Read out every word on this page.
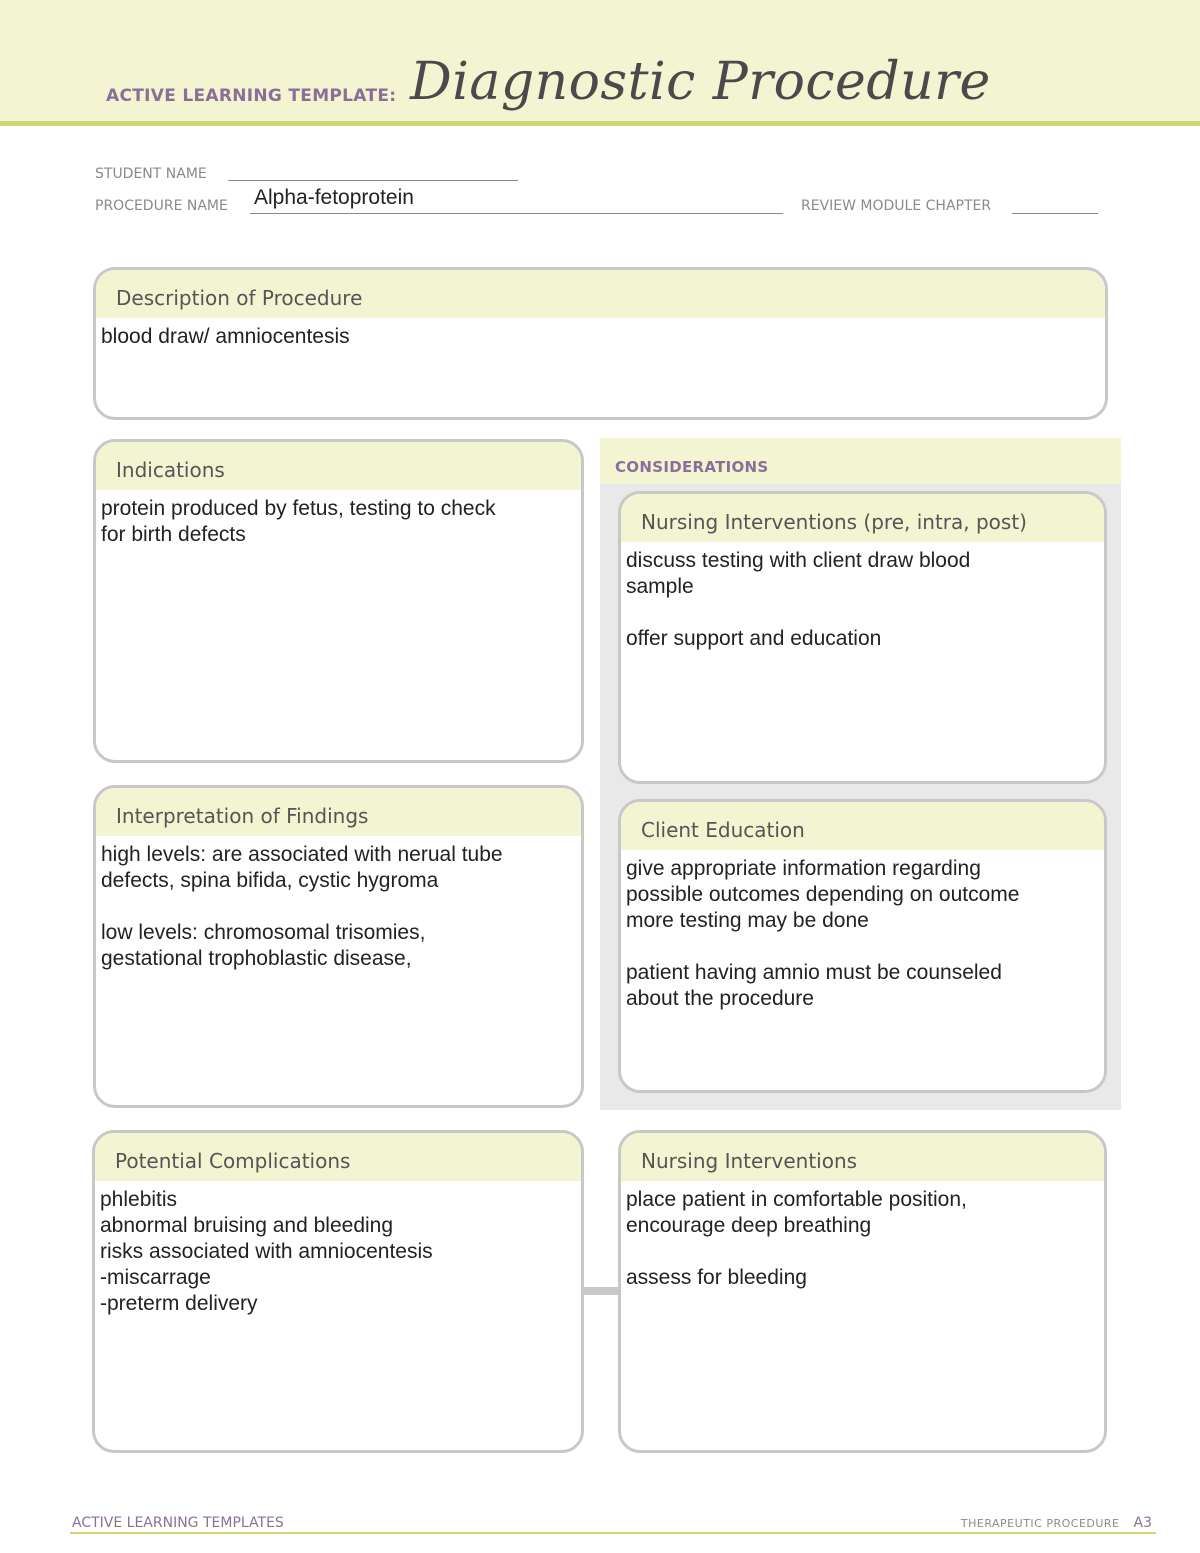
ACTIVE LEARNING TEMPLATE: Diagnostic Procedure
STUDENT NAME
PROCEDURE NAME Alpha-fetoprotein	REVIEW MODULE CHAPTER
Description of Procedure
blood draw/ amniocentesis
Indications
protein produced by fetus, testing to check
for birth defects
CONSIDERATIONS
Nursing Interventions (pre, intra, post)
discuss testing with client draw blood
sample

offer support and education
Client Education
give appropriate information regarding
possible outcomes depending on outcome
more testing may be done

patient having amnio must be counseled
about the procedure
Interpretation of Findings
high levels: are associated with nerual tube
defects, spina bifida, cystic hygroma

low levels: chromosomal trisomies,
gestational trophoblastic disease,
Potential Complications
phlebitis
abnormal bruising and bleeding
risks associated with amniocentesis
-miscarrage
-preterm delivery
Nursing Interventions
place patient in comfortable position,
encourage deep breathing

assess for bleeding
ACTIVE LEARNING TEMPLATES	THERAPEUTIC PROCEDURE A3
